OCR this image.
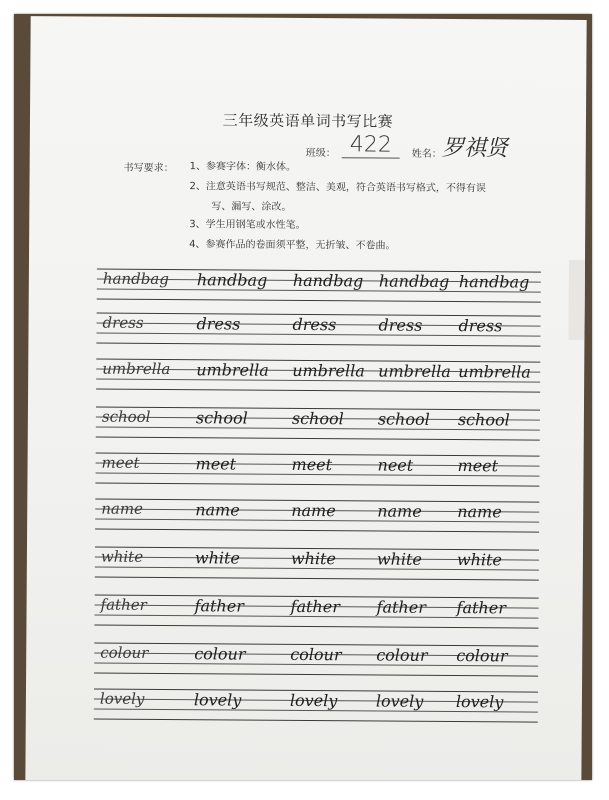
三年级英语单词书写比赛
班级： 422	姓名： 罗祺贤
书写要求： 1、参赛字体：衡水体。
2、注意英语书写规范、整洁、美观，符合英语书写格式，不得有误
写、漏写、涂改。
3、学生用钢笔或水性笔。
4、参赛作品的卷面须平整，无折皱、不卷曲。
handbag handbag handbag handbag handbag
dress	dress	dress	dress dress
umbrella umbrella umbrella umbrella umbrella
school	school	school school school
meet	meet	meet	neet	meet
name	name	name	name name
white	white	white	white white
father	father	father father father
colour	colour	colour colour colour
lovely	lovely	lovely lovely lovely
